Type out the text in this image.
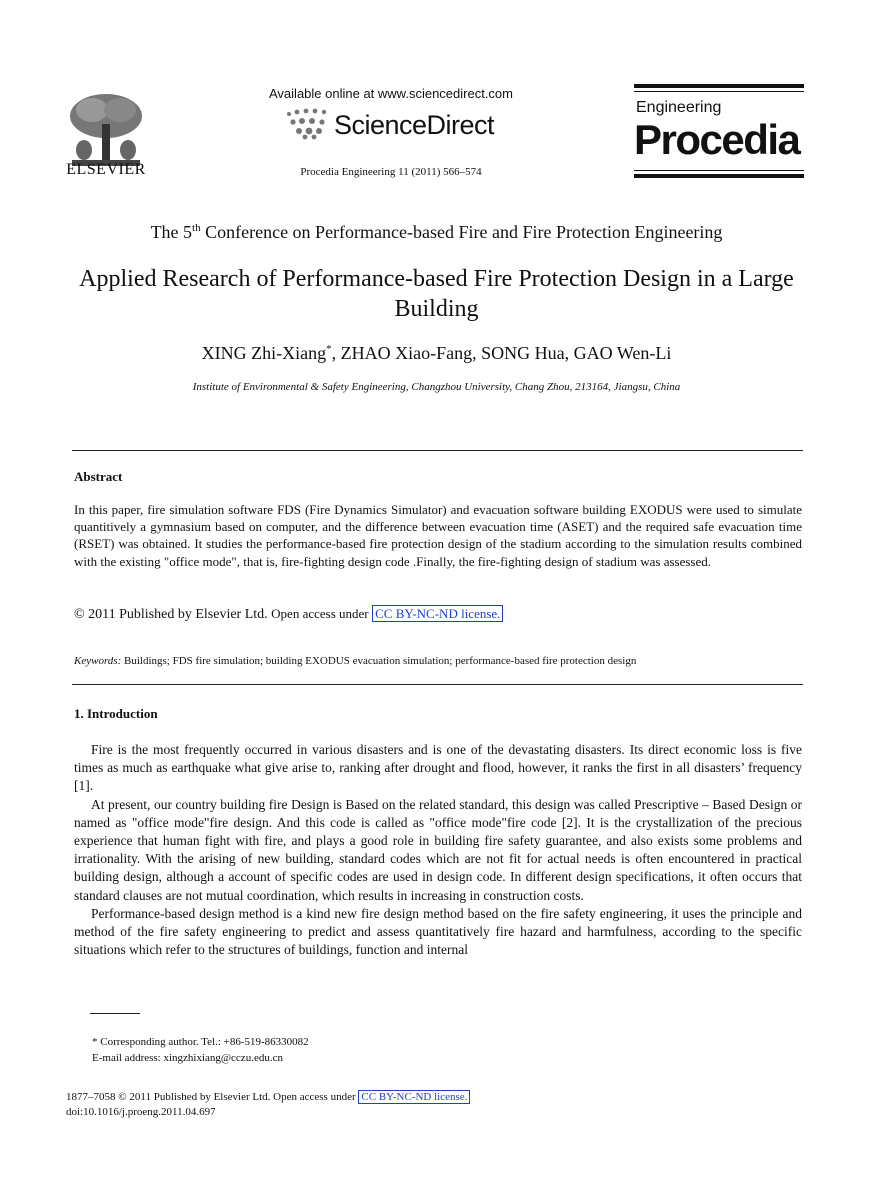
ELSEVIER
Available online at www.sciencedirect.com
ScienceDirect
Procedia Engineering 11 (2011) 566–574
Engineering
Procedia
The 5th Conference on Performance-based Fire and Fire Protection Engineering
Applied Research of Performance-based Fire Protection Design in a Large Building
XING Zhi-Xiang*, ZHAO Xiao-Fang, SONG Hua, GAO Wen-Li
Institute of Environmental & Safety Engineering, Changzhou University, Chang Zhou, 213164, Jiangsu, China
Abstract
In this paper, fire simulation software FDS (Fire Dynamics Simulator) and evacuation software building EXODUS were used to simulate quantitively a gymnasium based on computer, and the difference between evacuation time (ASET) and the required safe evacuation time (RSET) was obtained. It studies the performance-based fire protection design of the stadium according to the simulation results combined with the existing "office mode", that is, fire-fighting design code .Finally, the fire-fighting design of stadium was assessed.
© 2011 Published by Elsevier Ltd. Open access under CC BY-NC-ND license.
Keywords: Buildings; FDS fire simulation; building EXODUS evacuation simulation; performance-based fire protection design
1. Introduction

Fire is the most frequently occurred in various disasters and is one of the devastating disasters. Its direct economic loss is five times as much as earthquake what give arise to, ranking after drought and flood, however, it ranks the first in all disasters’ frequency [1].

At present, our country building fire Design is Based on the related standard, this design was called Prescriptive – Based Design or named as "office mode"fire design. And this code is called as "office mode"fire code [2]. It is the crystallization of the precious experience that human fight with fire, and plays a good role in building fire safety guarantee, and also exists some problems and irrationality. With the arising of new building, standard codes which are not fit for actual needs is often encountered in practical building design, although a account of specific codes are used in design code. In different design specifications, it often occurs that standard clauses are not mutual coordination, which results in increasing in construction costs.

Performance-based design method is a kind new fire design method based on the fire safety engineering, it uses the principle and method of the fire safety engineering to predict and assess quantitatively fire hazard and harmfulness, according to the specific situations which refer to the structures of buildings, function and internal

* Corresponding author. Tel.: +86-519-86330082
E-mail address: xingzhixiang@cczu.edu.cn
1877–7058 © 2011 Published by Elsevier Ltd. Open access under CC BY-NC-ND license.
doi:10.1016/j.proeng.2011.04.697
